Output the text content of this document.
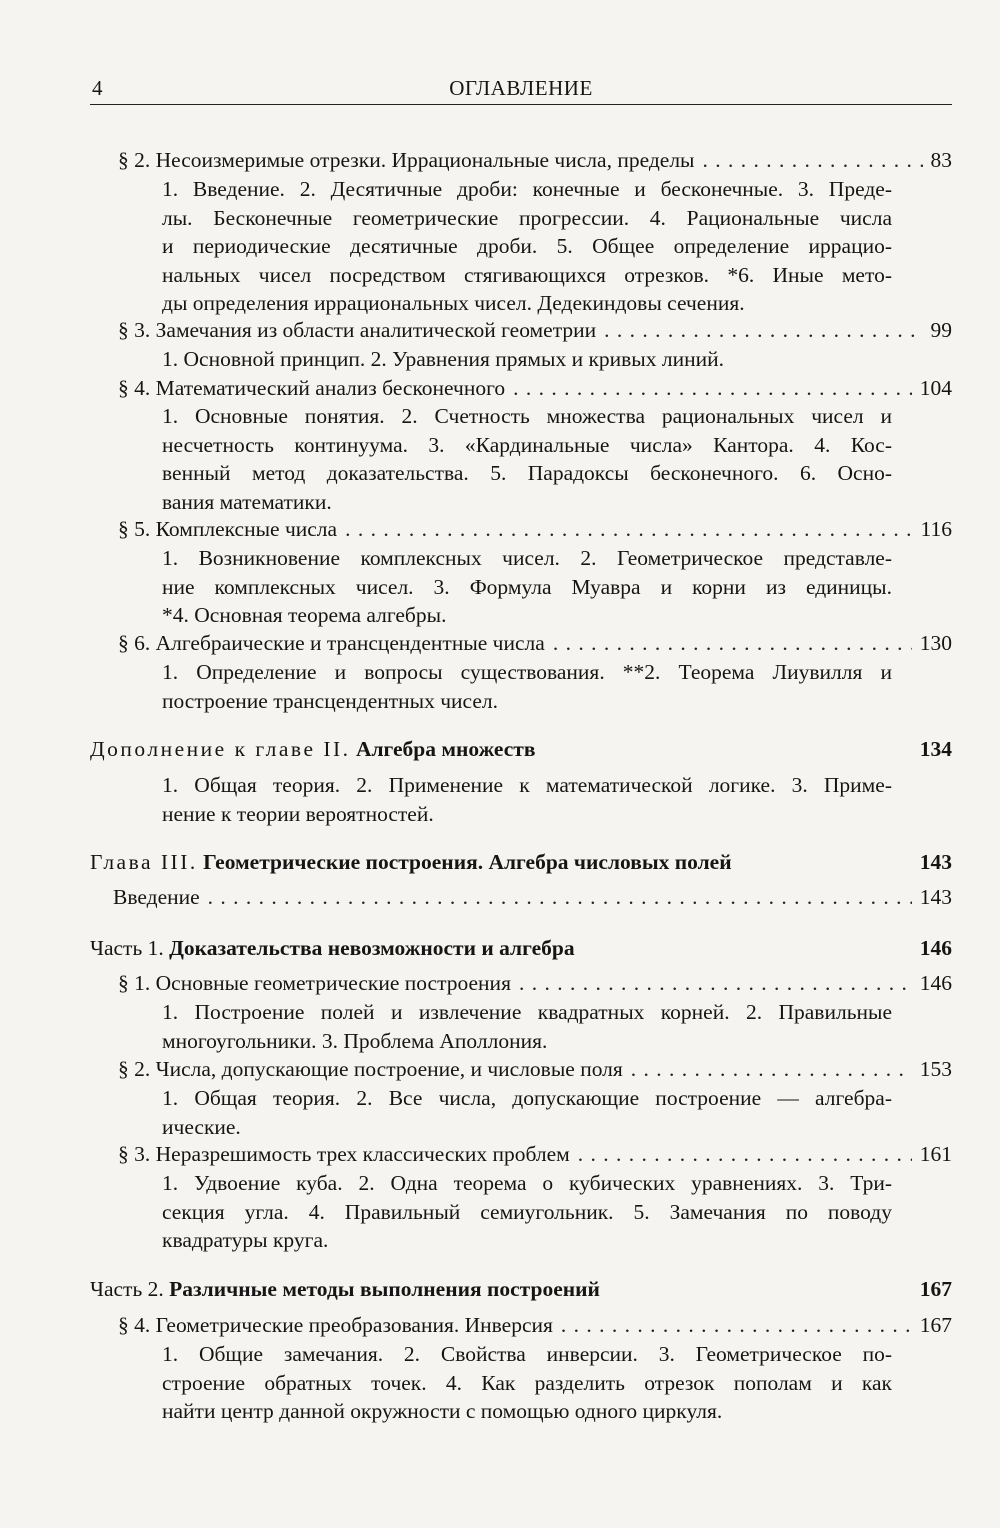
4	ОГЛАВЛЕНИЕ
§ 2. Несоизмеримые отрезки. Иррациональные числа, пределы . . .	83
1. Введение. 2. Десятичные дроби: конечные и бесконечные. 3. Преде-
лы. Бесконечные геометрические прогрессии. 4. Рациональные числа
и периодические десятичные дроби. 5. Общее определение иррацио-
нальных чисел посредством стягивающихся отрезков. *6. Иные мето-
ды определения иррациональных чисел. Дедекиндовы сечения.
§ 3. Замечания из области аналитической геометрии . . .	99
1. Основной принцип. 2. Уравнения прямых и кривых линий.
§ 4. Математический анализ бесконечного . . .	104
1. Основные понятия. 2. Счетность множества рациональных чисел и
несчетность континуума. 3. «Кардинальные числа» Кантора. 4. Кос-
венный метод доказательства. 5. Парадоксы бесконечного. 6. Осно-
вания математики.
§ 5. Комплексные числа . . .	116
1. Возникновение комплексных чисел. 2. Геометрическое представле-
ние комплексных чисел. 3. Формула Муавра и корни из единицы.
*4. Основная теорема алгебры.
§ 6. Алгебраические и трансцендентные числа . . .	130
1. Определение и вопросы существования. **2. Теорема Лиувилля и
построение трансцендентных чисел.
Дополнение к главе II. Алгебра множеств	134
1. Общая теория. 2. Применение к математической логике. 3. Приме-
нение к теории вероятностей.
Глава III. Геометрические построения. Алгебра числовых полей	143
Введение . . .	143
Часть 1. Доказательства невозможности и алгебра	146
§ 1. Основные геометрические построения . . .	146
1. Построение полей и извлечение квадратных корней. 2. Правильные
многоугольники. 3. Проблема Аполлония.
§ 2. Числа, допускающие построение, и числовые поля . . .	153
1. Общая теория. 2. Все числа, допускающие построение — алгебра-
ические.
§ 3. Неразрешимость трех классических проблем . . .	161
1. Удвоение куба. 2. Одна теорема о кубических уравнениях. 3. Три-
секция угла. 4. Правильный семиугольник. 5. Замечания по поводу
квадратуры круга.
Часть 2. Различные методы выполнения построений	167
§ 4. Геометрические преобразования. Инверсия . . .	167
1. Общие замечания. 2. Свойства инверсии. 3. Геометрическое по-
строение обратных точек. 4. Как разделить отрезок пополам и как
найти центр данной окружности с помощью одного циркуля.
